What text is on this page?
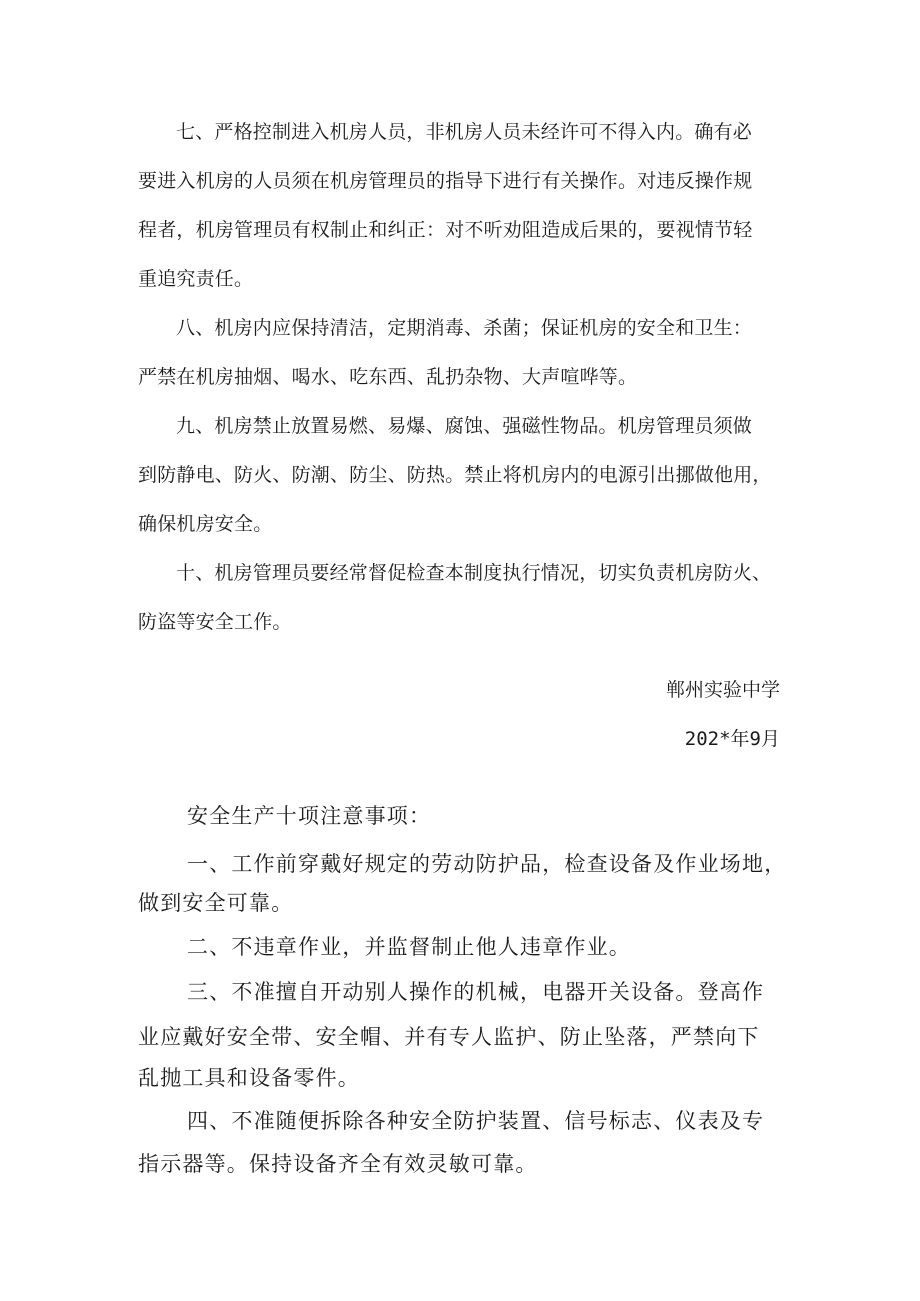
七、严格控制进入机房人员，非机房人员未经许可不得入内。确有必

要进入机房的人员须在机房管理员的指导下进行有关操作。对违反操作规

程者，机房管理员有权制止和纠正：对不听劝阻造成后果的，要视情节轻

重追究责任。

八、机房内应保持清洁，定期消毒、杀菌；保证机房的安全和卫生：

严禁在机房抽烟、喝水、吃东西、乱扔杂物、大声喧哗等。

九、机房禁止放置易燃、易爆、腐蚀、强磁性物品。机房管理员须做

到防静电、防火、防潮、防尘、防热。禁止将机房内的电源引出挪做他用，

确保机房安全。

十、机房管理员要经常督促检查本制度执行情况，切实负责机房防火、

防盗等安全工作。

郸州实验中学

202*年9月

安全生产十项注意事项：

一、工作前穿戴好规定的劳动防护品，检查设备及作业场地，

做到安全可靠。

二、不违章作业，并监督制止他人违章作业。

三、不准擅自开动别人操作的机械，电器开关设备。登高作

业应戴好安全带、安全帽、并有专人监护、防止坠落，严禁向下

乱抛工具和设备零件。

四、不准随便拆除各种安全防护装置、信号标志、仪表及专

指示器等。保持设备齐全有效灵敏可靠。
